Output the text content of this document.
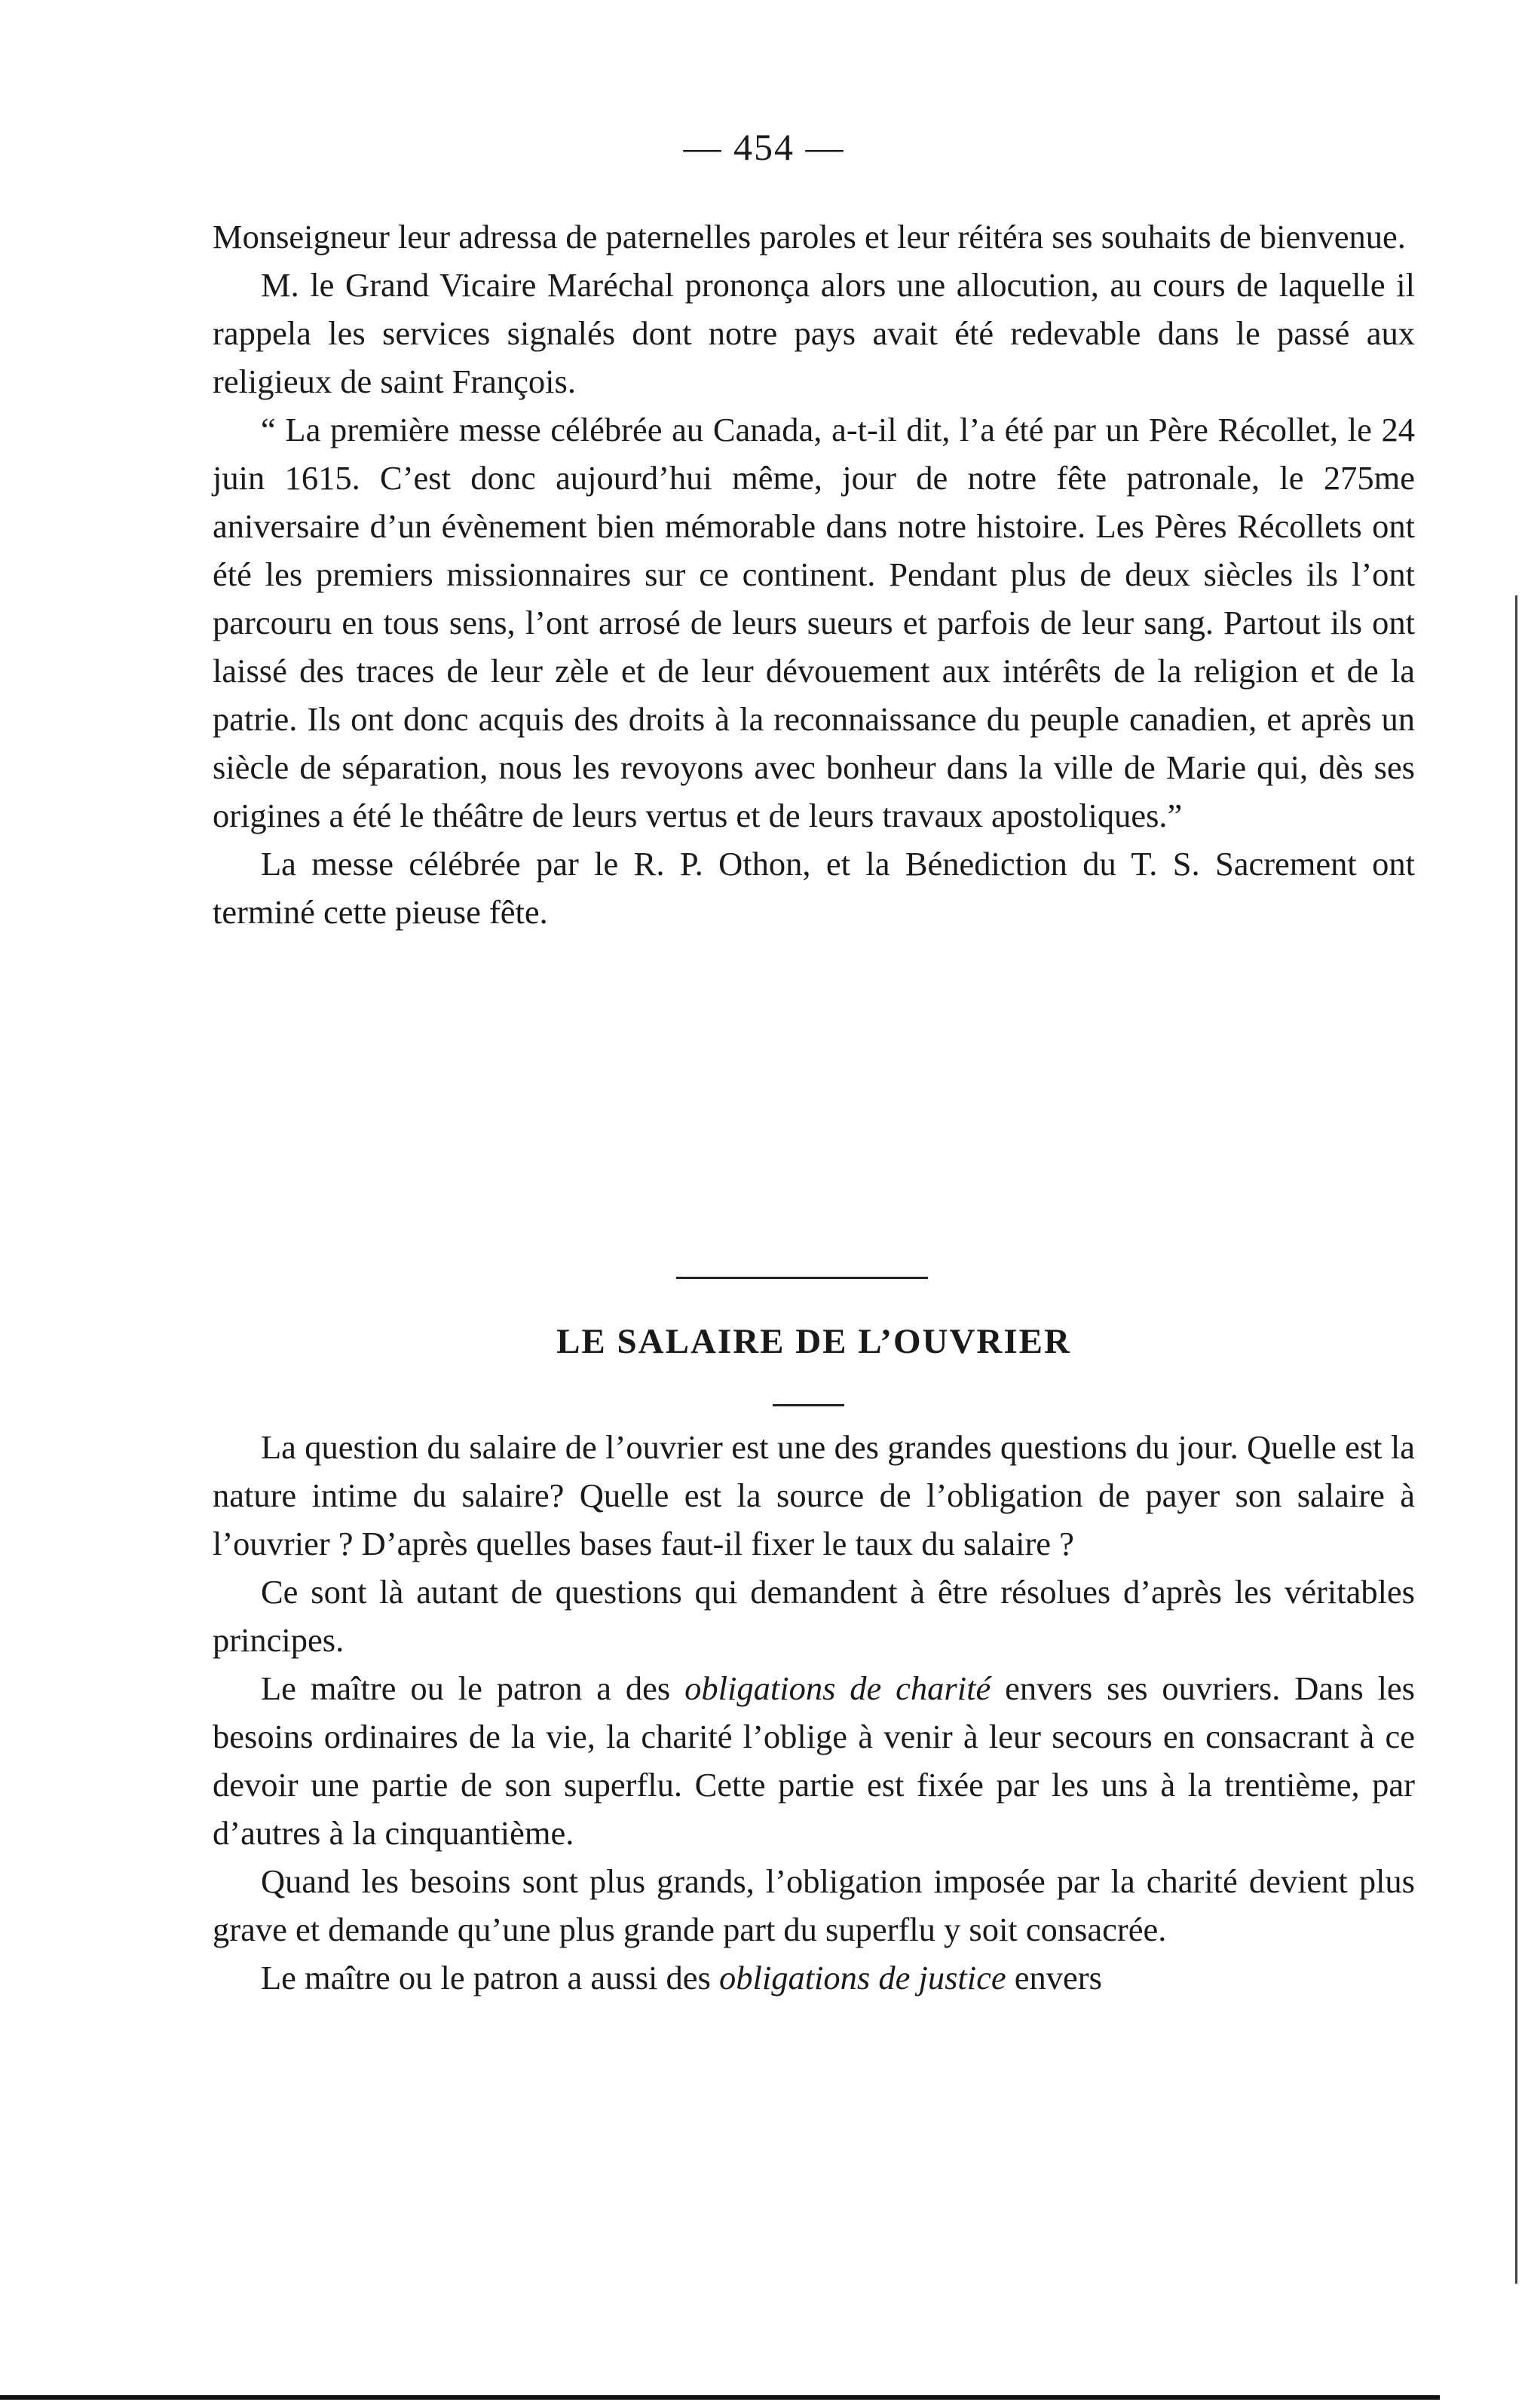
— 454 —

Monseigneur leur adressa de paternelles paroles et leur réitéra ses souhaits de bienvenue.

M. le Grand Vicaire Maréchal prononça alors une allocution, au cours de laquelle il rappela les services signalés dont notre pays avait été redevable dans le passé aux religieux de saint François.

“ La première messe célébrée au Canada, a-t-il dit, l’a été par un Père Récollet, le 24 juin 1615. C’est donc aujourd’hui même, jour de notre fête patronale, le 275me aniversaire d’un évènement bien mémorable dans notre histoire. Les Pères Récollets ont été les premiers missionnaires sur ce continent. Pendant plus de deux siècles ils l’ont parcouru en tous sens, l’ont arrosé de leurs sueurs et parfois de leur sang. Partout ils ont laissé des traces de leur zèle et de leur dévouement aux intérêts de la religion et de la patrie. Ils ont donc acquis des droits à la reconnaissance du peuple canadien, et après un siècle de séparation, nous les revoyons avec bonheur dans la ville de Marie qui, dès ses origines a été le théâtre de leurs vertus et de leurs travaux apostoliques.”

La messe célébrée par le R. P. Othon, et la Bénediction du T. S. Sacrement ont terminé cette pieuse fête.

LE SALAIRE DE L’OUVRIER

La question du salaire de l’ouvrier est une des grandes questions du jour. Quelle est la nature intime du salaire? Quelle est la source de l’obligation de payer son salaire à l’ouvrier ? D’après quelles bases faut-il fixer le taux du salaire ?

Ce sont là autant de questions qui demandent à être résolues d’après les véritables principes.

Le maître ou le patron a des obligations de charité envers ses ouvriers. Dans les besoins ordinaires de la vie, la charité l’oblige à venir à leur secours en consacrant à ce devoir une partie de son superflu. Cette partie est fixée par les uns à la trentième, par d’autres à la cinquantième.

Quand les besoins sont plus grands, l’obligation imposée par la charité devient plus grave et demande qu’une plus grande part du superflu y soit consacrée.

Le maître ou le patron a aussi des obligations de justice envers
